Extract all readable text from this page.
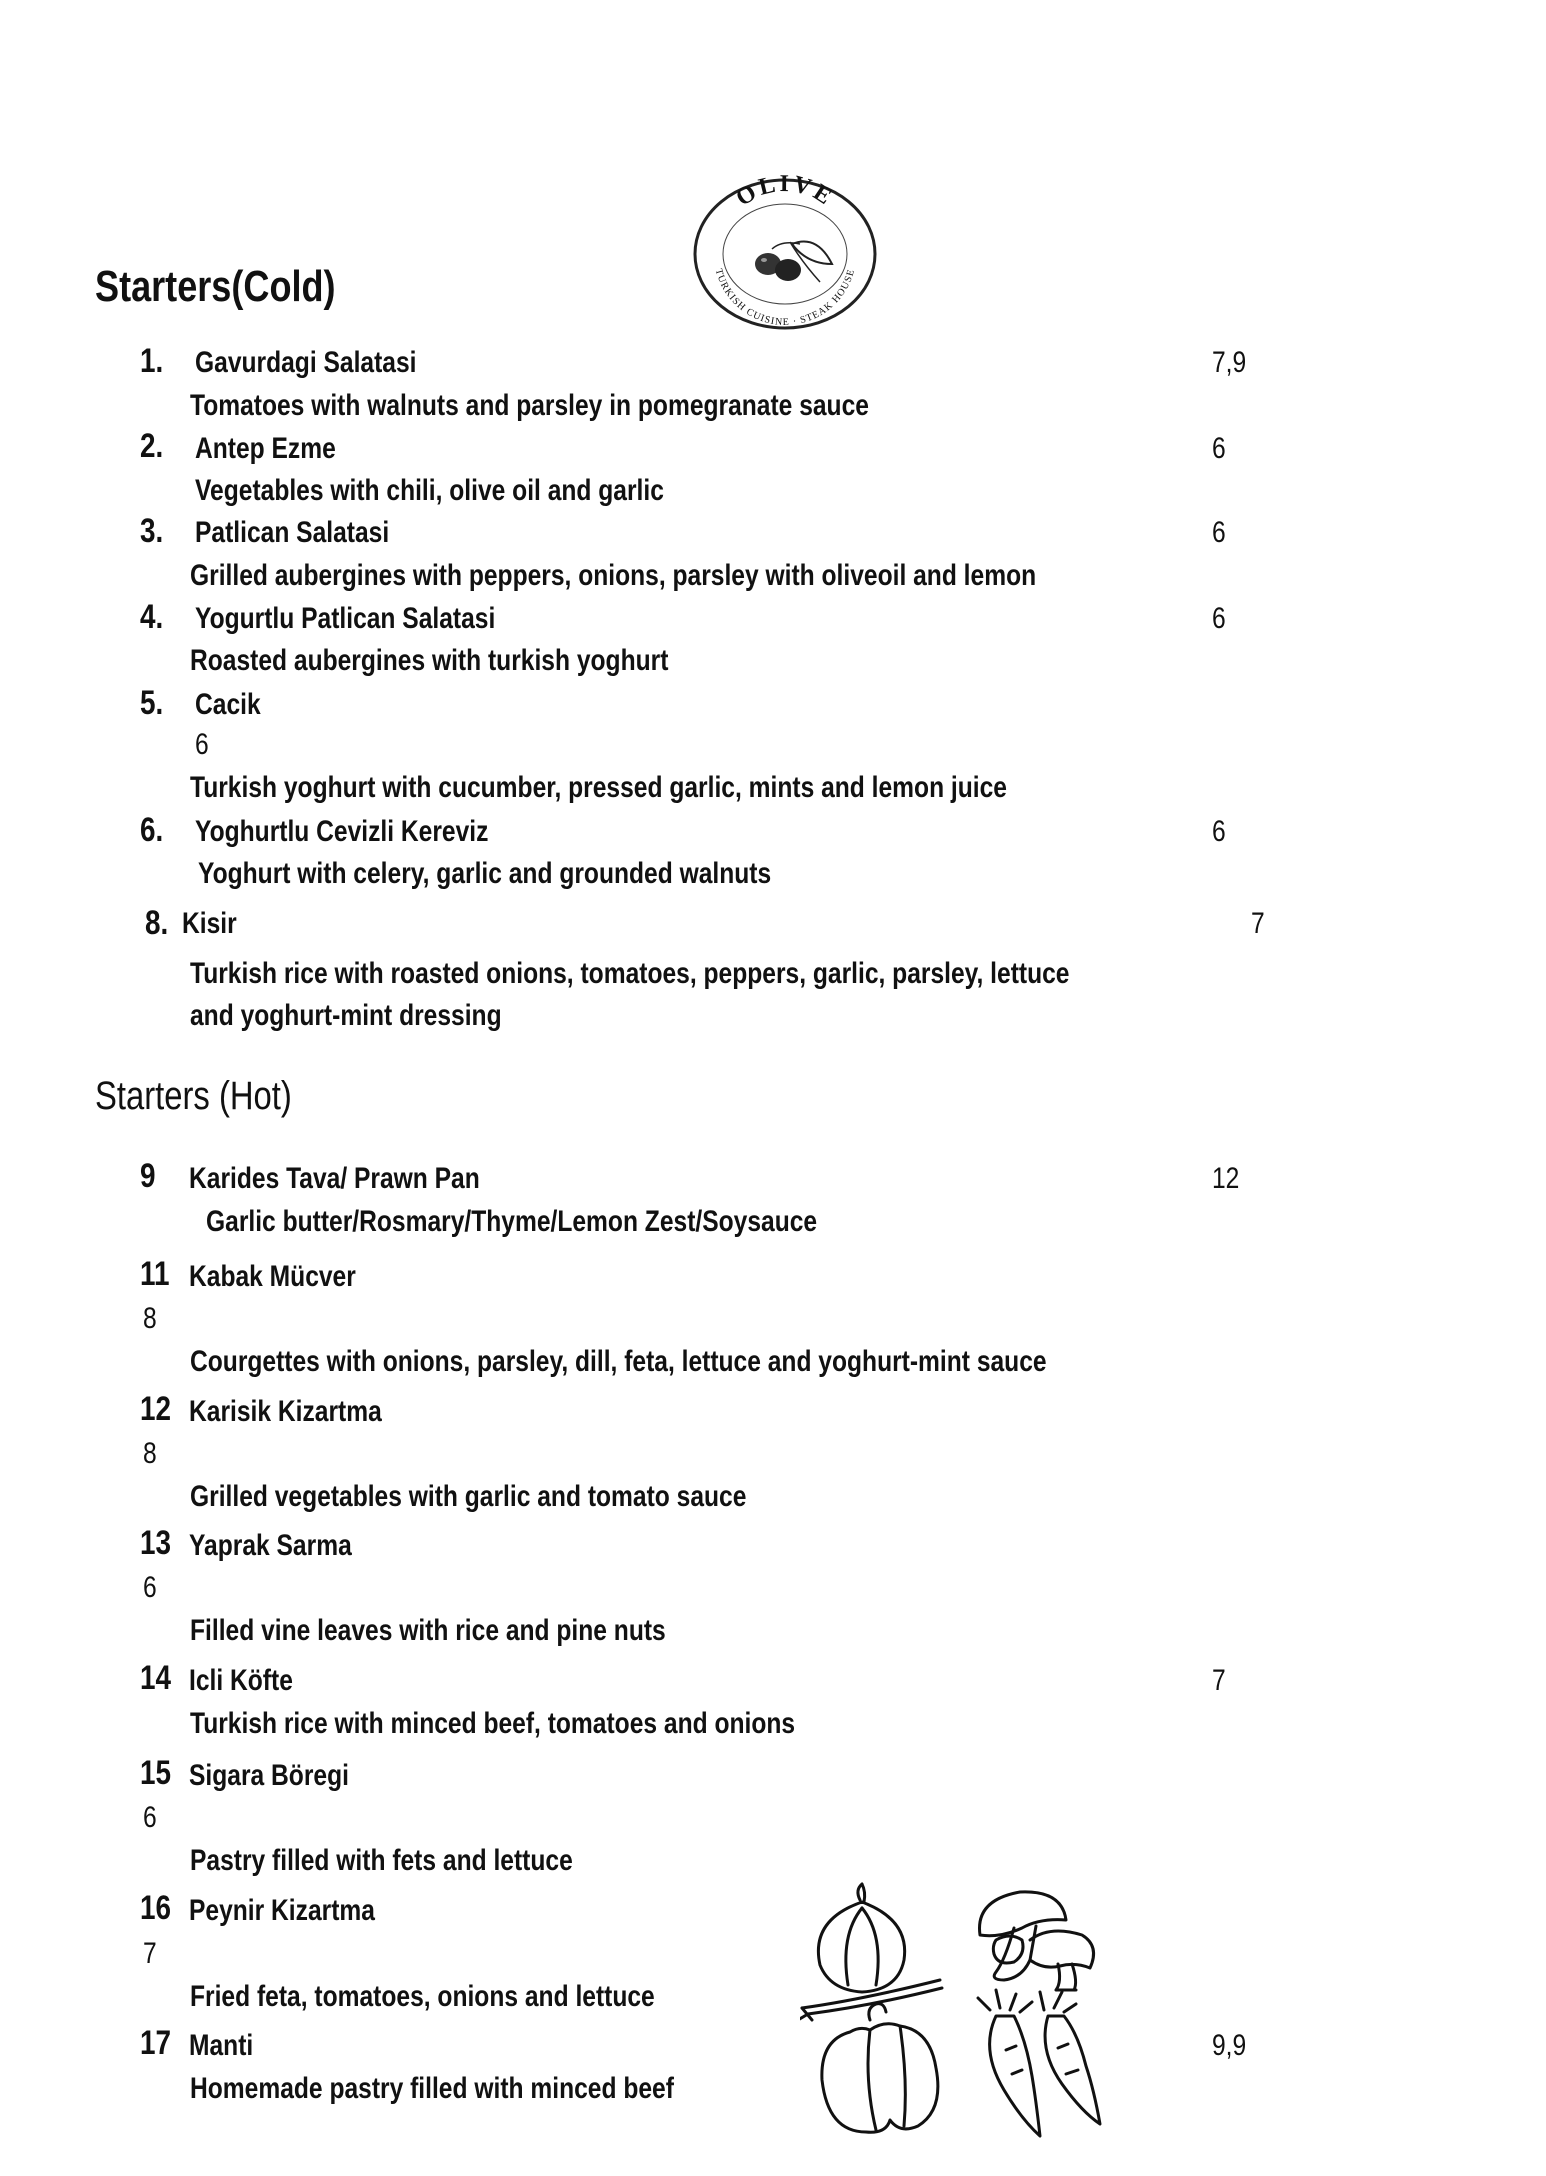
OLIVE
TURKISH CUISINE · STEAK HOUSE
Starters(Cold)
1. Gavurdagi Salatasi	7,9
Tomatoes with walnuts and parsley in pomegranate sauce
2. Antep Ezme	6
Vegetables with chili, olive oil and garlic
3. Patlican Salatasi	6
Grilled aubergines with peppers, onions, parsley with oliveoil and lemon
4. Yogurtlu Patlican Salatasi	6
Roasted aubergines with turkish yoghurt
5. Cacik
6
Turkish yoghurt with cucumber, pressed garlic, mints and lemon juice
6. Yoghurtlu Cevizli Kereviz	6
Yoghurt with celery, garlic and grounded walnuts
8. Kisir	7
Turkish rice with roasted onions, tomatoes, peppers, garlic, parsley, lettuce
and yoghurt-mint dressing
Starters (Hot)
9 Karides Tava/ Prawn Pan	12
Garlic butter/Rosmary/Thyme/Lemon Zest/Soysauce
11 Kabak Mücver
8
Courgettes with onions, parsley, dill, feta, lettuce and yoghurt-mint sauce
12 Karisik Kizartma
8
Grilled vegetables with garlic and tomato sauce
13 Yaprak Sarma
6
Filled vine leaves with rice and pine nuts
14 Icli Köfte	7
Turkish rice with minced beef, tomatoes and onions
15 Sigara Böregi
6
Pastry filled with fets and lettuce
16 Peynir Kizartma
7
Fried feta, tomatoes, onions and lettuce
17 Manti	9,9
Homemade pastry filled with minced beef
